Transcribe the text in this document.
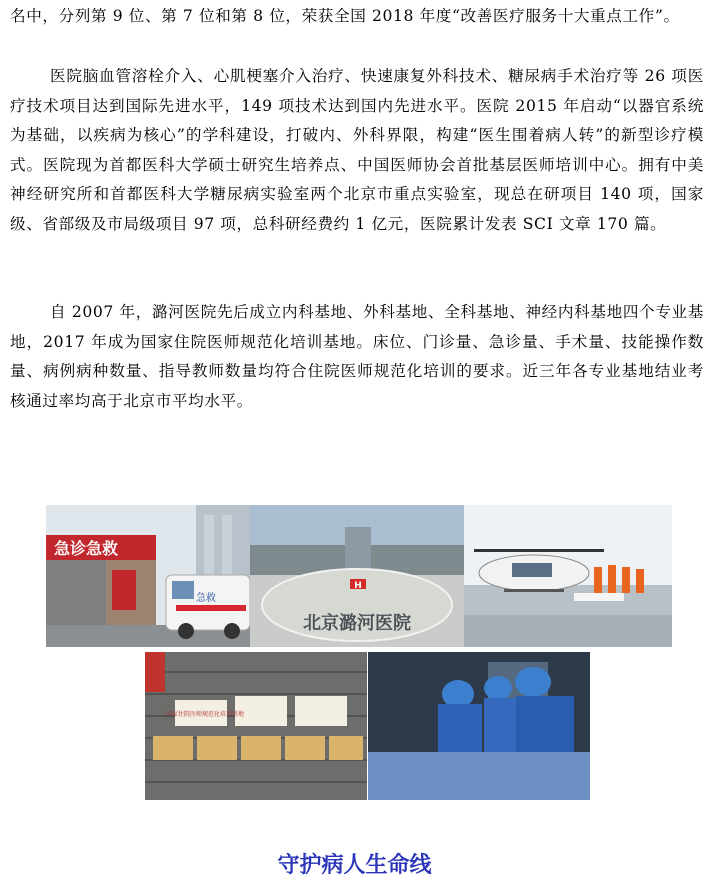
名中，分列第 9 位、第 7 位和第 8 位，荣获全国 2018 年度“改善医疗服务十大重点工作”。

医院脑血管溶栓介入、心肌梗塞介入治疗、快速康复外科技术、糖尿病手术治疗等 26 项医疗技术项目达到国际先进水平，149 项技术达到国内先进水平。医院 2015 年启动“以器官系统为基础，以疾病为核心”的学科建设，打破内、外科界限，构建“医生围着病人转”的新型诊疗模式。医院现为首都医科大学硕士研究生培养点、中国医师协会首批基层医师培训中心。拥有中美神经研究所和首都医科大学糖尿病实验室两个北京市重点实验室，现总在研项目 140 项，国家级、省部级及市局级项目 97 项，总科研经费约 1 亿元，医院累计发表 SCI 文章 170 篇。

自 2007 年，潞河医院先后成立内科基地、外科基地、全科基地、神经内科基地四个专业基地，2017 年成为国家住院医师规范化培训基地。床位、门诊量、急诊量、手术量、技能操作数量、病例病种数量、指导教师数量均符合住院医师规范化培训的要求。近三年各专业基地结业考核通过率均高于北京市平均水平。

急诊急救
急救
H
北京潞河医院
国家住院医师规范化培训基地
守护病人生命线
